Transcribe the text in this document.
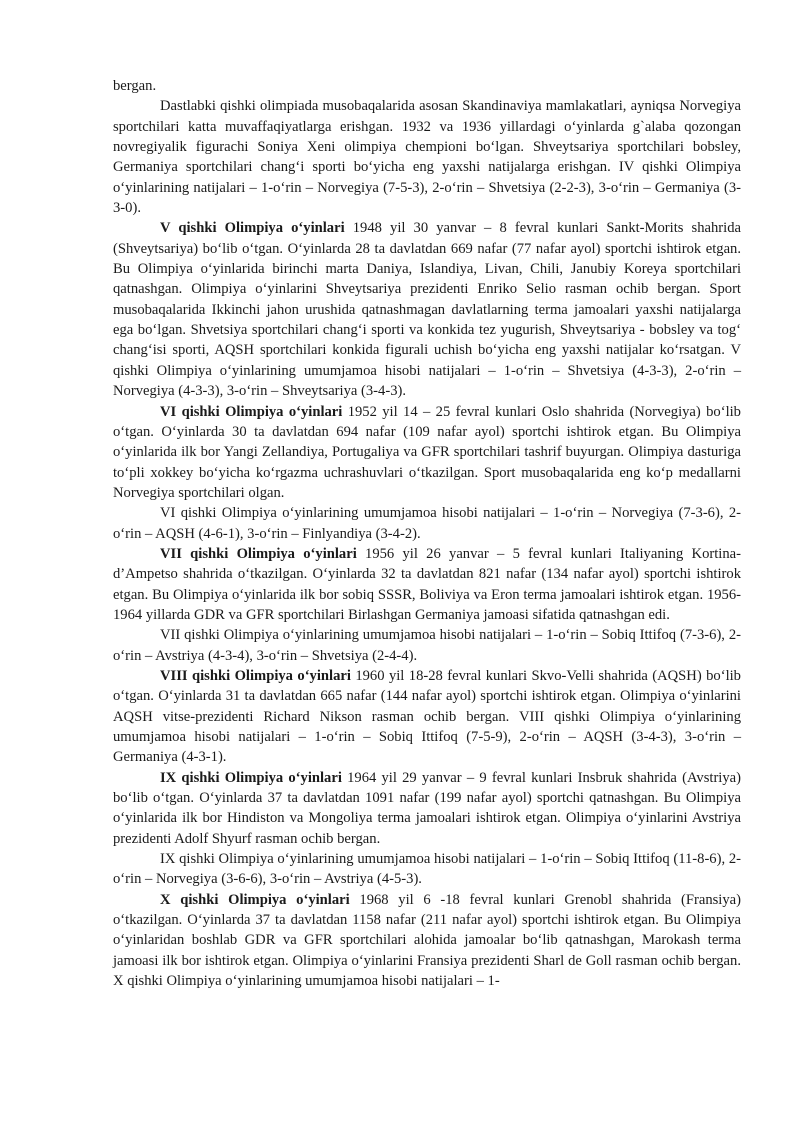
bergan.

Dastlabki qishki olimpiada musobaqalarida asosan Skandinaviya mamlakatlari, ayniqsa Norvegiya sportchilari katta muvaffaqiyatlarga erishgan. 1932 va 1936 yillardagi o‘yinlarda g`alaba qozongan novregiyalik figurachi Soniya Xeni olimpiya chempioni bo‘lgan. Shveytsariya sportchilari bobsley, Germaniya sportchilari chang‘i sporti bo‘yicha eng yaxshi natijalarga erishgan. IV qishki Olimpiya o‘yinlarining natijalari – 1-o‘rin – Norvegiya (7-5-3), 2-o‘rin – Shvetsiya (2-2-3), 3-o‘rin – Germaniya (3-3-0).

V qishki Olimpiya o‘yinlari 1948 yil 30 yanvar – 8 fevral kunlari Sankt-Morits shahrida (Shveytsariya) bo‘lib o‘tgan. O‘yinlarda 28 ta davlatdan 669 nafar (77 nafar ayol) sportchi ishtirok etgan. Bu Olimpiya o‘yinlarida birinchi marta Daniya, Islandiya, Livan, Chili, Janubiy Koreya sportchilari qatnashgan. Olimpiya o‘yinlarini Shveytsariya prezidenti Enriko Selio rasman ochib bergan. Sport musobaqalarida Ikkinchi jahon urushida qatnashmagan davlatlarning terma jamoalari yaxshi natijalarga ega bo‘lgan. Shvetsiya sportchilari chang‘i sporti va konkida tez yugurish, Shveytsariya - bobsley va tog‘ chang‘isi sporti, AQSH sportchilari konkida figurali uchish bo‘yicha eng yaxshi natijalar ko‘rsatgan. V qishki Olimpiya o‘yinlarining umumjamoa hisobi natijalari – 1-o‘rin – Shvetsiya (4-3-3), 2-o‘rin – Norvegiya (4-3-3), 3-o‘rin – Shveytsariya (3-4-3).

VI qishki Olimpiya o‘yinlari 1952 yil 14 – 25 fevral kunlari Oslo shahrida (Norvegiya) bo‘lib o‘tgan. O‘yinlarda 30 ta davlatdan 694 nafar (109 nafar ayol) sportchi ishtirok etgan. Bu Olimpiya o‘yinlarida ilk bor Yangi Zellandiya, Portugaliya va GFR sportchilari tashrif buyurgan. Olimpiya dasturiga to‘pli xokkey bo‘yicha ko‘rgazma uchrashuvlari o‘tkazilgan. Sport musobaqalarida eng ko‘p medallarni Norvegiya sportchilari olgan.

VI qishki Olimpiya o‘yinlarining umumjamoa hisobi natijalari – 1-o‘rin – Norvegiya (7-3-6), 2-o‘rin – AQSH (4-6-1), 3-o‘rin – Finlyandiya (3-4-2).

VII qishki Olimpiya o‘yinlari 1956 yil 26 yanvar – 5 fevral kunlari Italiyaning Kortina-d’Ampetso shahrida o‘tkazilgan. O‘yinlarda 32 ta davlatdan 821 nafar (134 nafar ayol) sportchi ishtirok etgan. Bu Olimpiya o‘yinlarida ilk bor sobiq SSSR, Boliviya va Eron terma jamoalari ishtirok etgan. 1956-1964 yillarda GDR va GFR sportchilari Birlashgan Germaniya jamoasi sifatida qatnashgan edi.

VII qishki Olimpiya o‘yinlarining umumjamoa hisobi natijalari – 1-o‘rin – Sobiq Ittifoq (7-3-6), 2-o‘rin – Avstriya (4-3-4), 3-o‘rin – Shvetsiya (2-4-4).

VIII qishki Olimpiya o‘yinlari 1960 yil 18-28 fevral kunlari Skvo-Velli shahrida (AQSH) bo‘lib o‘tgan. O‘yinlarda 31 ta davlatdan 665 nafar (144 nafar ayol) sportchi ishtirok etgan. Olimpiya o‘yinlarini AQSH vitse-prezidenti Richard Nikson rasman ochib bergan. VIII qishki Olimpiya o‘yinlarining umumjamoa hisobi natijalari – 1-o‘rin – Sobiq Ittifoq (7-5-9), 2-o‘rin – AQSH (3-4-3), 3-o‘rin – Germaniya (4-3-1).

IX qishki Olimpiya o‘yinlari 1964 yil 29 yanvar – 9 fevral kunlari Insbruk shahrida (Avstriya) bo‘lib o‘tgan. O‘yinlarda 37 ta davlatdan 1091 nafar (199 nafar ayol) sportchi qatnashgan. Bu Olimpiya o‘yinlarida ilk bor Hindiston va Mongoliya terma jamoalari ishtirok etgan. Olimpiya o‘yinlarini Avstriya prezidenti Adolf Shyurf rasman ochib bergan.

IX qishki Olimpiya o‘yinlarining umumjamoa hisobi natijalari – 1-o‘rin – Sobiq Ittifoq (11-8-6), 2-o‘rin – Norvegiya (3-6-6), 3-o‘rin – Avstriya (4-5-3).

X qishki Olimpiya o‘yinlari 1968 yil 6 -18 fevral kunlari Grenobl shahrida (Fransiya) o‘tkazilgan. O‘yinlarda 37 ta davlatdan 1158 nafar (211 nafar ayol) sportchi ishtirok etgan. Bu Olimpiya o‘yinlaridan boshlab GDR va GFR sportchilari alohida jamoalar bo‘lib qatnashgan, Marokash terma jamoasi ilk bor ishtirok etgan. Olimpiya o‘yinlarini Fransiya prezidenti Sharl de Goll rasman ochib bergan. X qishki Olimpiya o‘yinlarining umumjamoa hisobi natijalari – 1-
